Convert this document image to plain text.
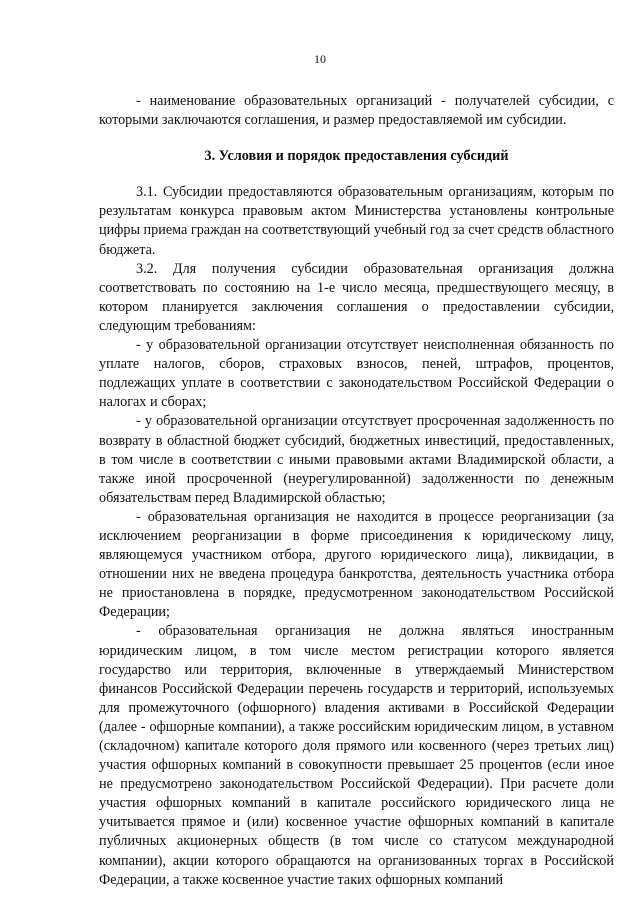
10

- наименование образовательных организаций - получателей субсидии, с которыми заключаются соглашения, и размер предоставляемой им субсидии.

3. Условия и порядок предоставления субсидий

3.1. Субсидии предоставляются образовательным организациям, которым по результатам конкурса правовым актом Министерства установлены контрольные цифры приема граждан на соответствующий учебный год за счет средств областного бюджета.

3.2. Для получения субсидии образовательная организация должна соответствовать по состоянию на 1-е число месяца, предшествующего месяцу, в котором планируется заключения соглашения о предоставлении субсидии, следующим требованиям:

- у образовательной организации отсутствует неисполненная обязанность по уплате налогов, сборов, страховых взносов, пеней, штрафов, процентов, подлежащих уплате в соответствии с законодательством Российской Федерации о налогах и сборах;

- у образовательной организации отсутствует просроченная задолженность по возврату в областной бюджет субсидий, бюджетных инвестиций, предоставленных, в том числе в соответствии с иными правовыми актами Владимирской области, а также иной просроченной (неурегулированной) задолженности по денежным обязательствам перед Владимирской областью;

- образовательная организация не находится в процессе реорганизации (за исключением реорганизации в форме присоединения к юридическому лицу, являющемуся участником отбора, другого юридического лица), ликвидации, в отношении них не введена процедура банкротства, деятельность участника отбора не приостановлена в порядке, предусмотренном законодательством Российской Федерации;

- образовательная организация не должна являться иностранным юридическим лицом, в том числе местом регистрации которого является государство или территория, включенные в утверждаемый Министерством финансов Российской Федерации перечень государств и территорий, используемых для промежуточного (офшорного) владения активами в Российской Федерации (далее - офшорные компании), а также российским юридическим лицом, в уставном (складочном) капитале которого доля прямого или косвенного (через третьих лиц) участия офшорных компаний в совокупности превышает 25 процентов (если иное не предусмотрено законодательством Российской Федерации). При расчете доли участия офшорных компаний в капитале российского юридического лица не учитывается прямое и (или) косвенное участие офшорных компаний в капитале публичных акционерных обществ (в том числе со статусом международной компании), акции которого обращаются на организованных торгах в Российской Федерации, а также косвенное участие таких офшорных компаний
